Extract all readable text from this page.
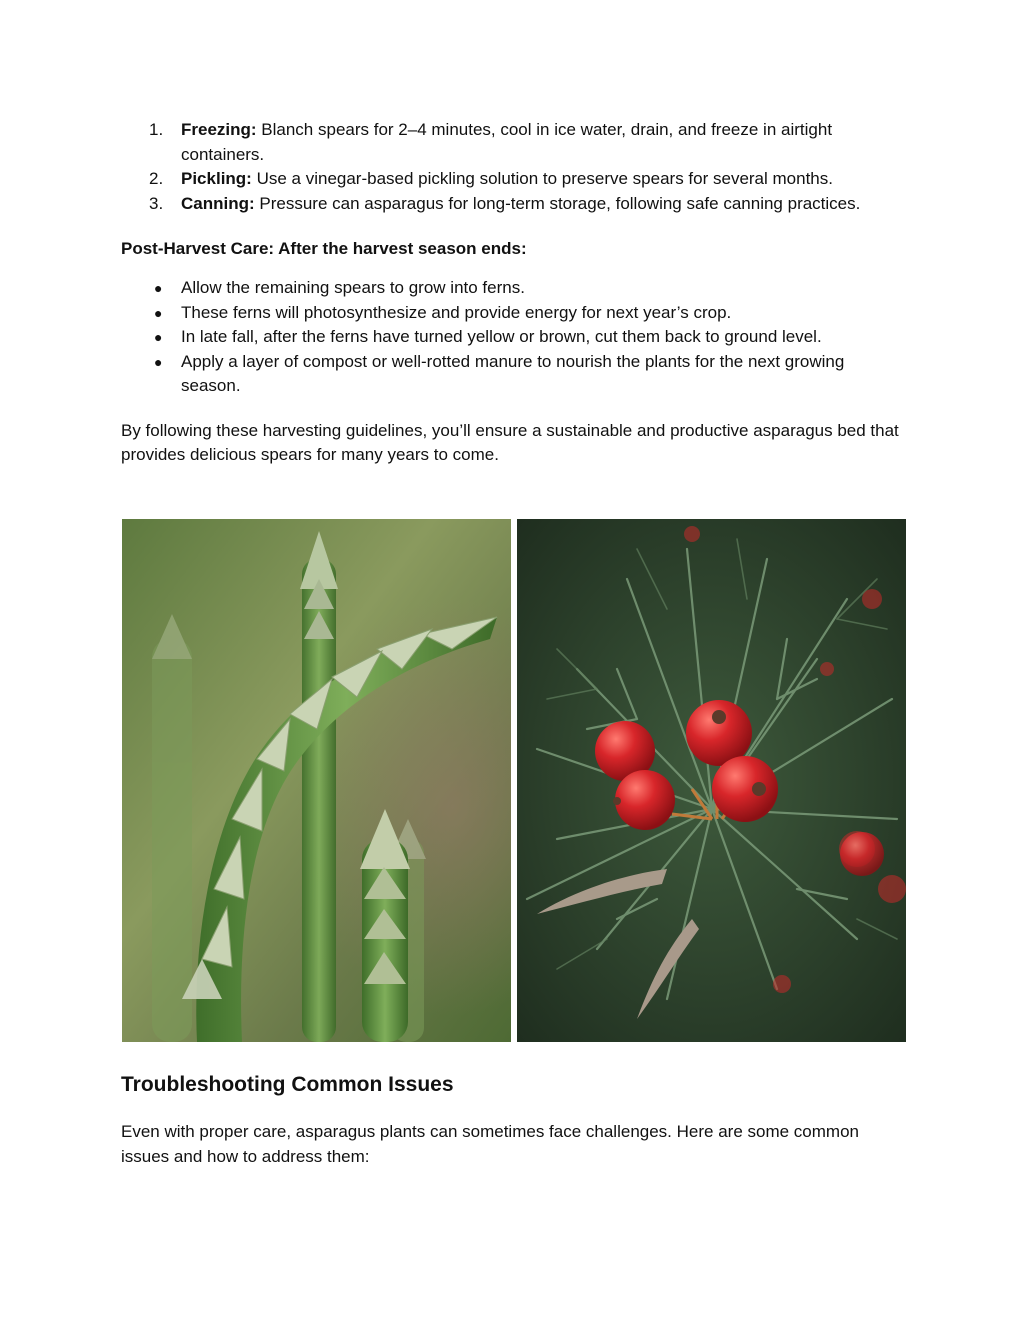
1. Freezing: Blanch spears for 2–4 minutes, cool in ice water, drain, and freeze in airtight containers.
2. Pickling: Use a vinegar-based pickling solution to preserve spears for several months.
3. Canning: Pressure can asparagus for long-term storage, following safe canning practices.
Post-Harvest Care: After the harvest season ends:
● Allow the remaining spears to grow into ferns.
● These ferns will photosynthesize and provide energy for next year’s crop.
● In late fall, after the ferns have turned yellow or brown, cut them back to ground level.
● Apply a layer of compost or well-rotted manure to nourish the plants for the next growing season.

By following these harvesting guidelines, you’ll ensure a sustainable and productive asparagus bed that provides delicious spears for many years to come.

Troubleshooting Common Issues

Even with proper care, asparagus plants can sometimes face challenges. Here are some common issues and how to address them:
